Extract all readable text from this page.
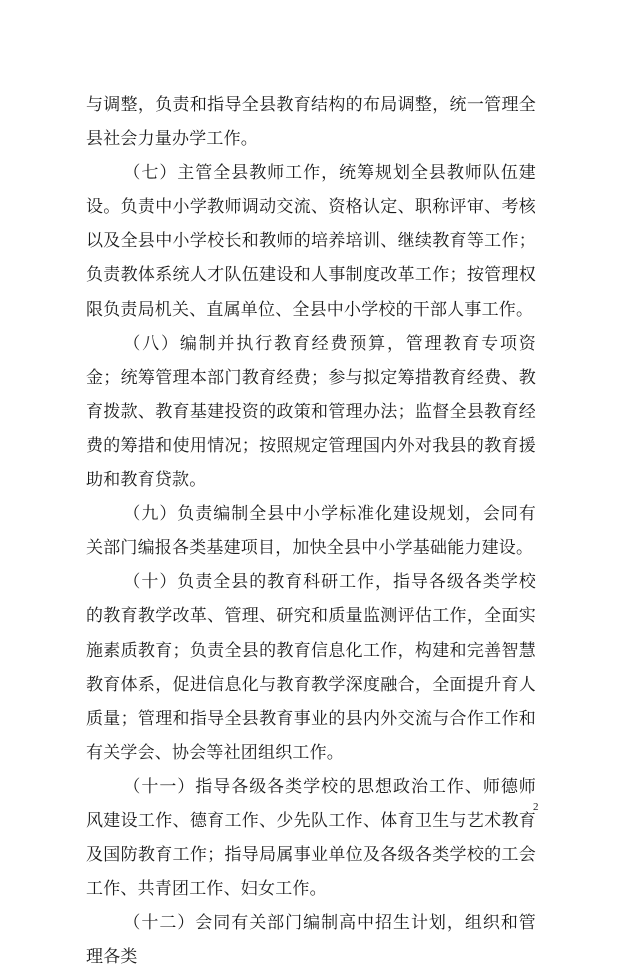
与调整，负责和指导全县教育结构的布局调整，统一管理全县社会力量办学工作。

（七）主管全县教师工作，统筹规划全县教师队伍建设。负责中小学教师调动交流、资格认定、职称评审、考核以及全县中小学校长和教师的培养培训、继续教育等工作；负责教体系统人才队伍建设和人事制度改革工作；按管理权限负责局机关、直属单位、全县中小学校的干部人事工作。

（八）编制并执行教育经费预算，管理教育专项资金；统筹管理本部门教育经费；参与拟定筹措教育经费、教育拨款、教育基建投资的政策和管理办法；监督全县教育经费的筹措和使用情况；按照规定管理国内外对我县的教育援助和教育贷款。

（九）负责编制全县中小学标准化建设规划，会同有关部门编报各类基建项目，加快全县中小学基础能力建设。

（十）负责全县的教育科研工作，指导各级各类学校的教育教学改革、管理、研究和质量监测评估工作，全面实施素质教育；负责全县的教育信息化工作，构建和完善智慧教育体系，促进信息化与教育教学深度融合，全面提升育人质量；管理和指导全县教育事业的县内外交流与合作工作和有关学会、协会等社团组织工作。

（十一）指导各级各类学校的思想政治工作、师德师风建设工作、德育工作、少先队工作、体育卫生与艺术教育及国防教育工作；指导局属事业单位及各级各类学校的工会工作、共青团工作、妇女工作。

（十二）会同有关部门编制高中招生计划，组织和管理各类

2
